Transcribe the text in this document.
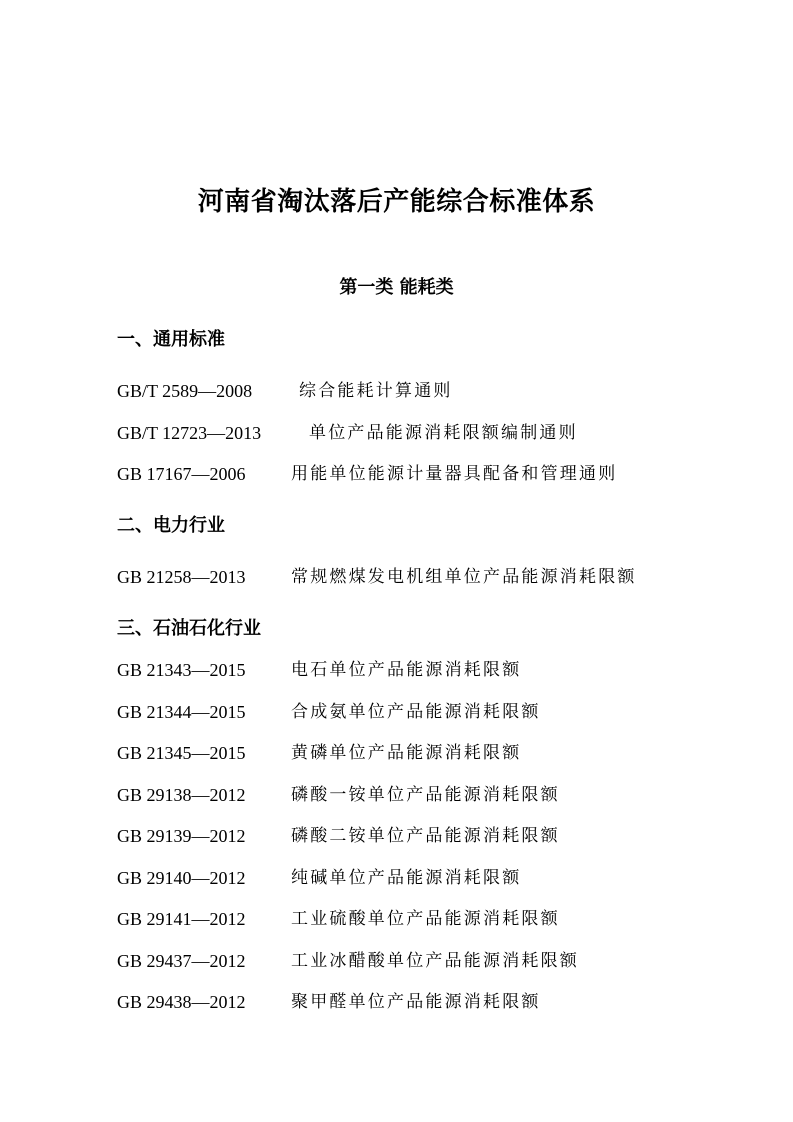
河南省淘汰落后产能综合标准体系
第一类 能耗类
一、通用标准
GB/T 2589—2008	综合能耗计算通则
GB/T 12723—2013	单位产品能源消耗限额编制通则
GB 17167—2006	用能单位能源计量器具配备和管理通则
二、电力行业
GB 21258—2013	常规燃煤发电机组单位产品能源消耗限额
三、石油石化行业
GB 21343—2015	电石单位产品能源消耗限额
GB 21344—2015	合成氨单位产品能源消耗限额
GB 21345—2015	黄磷单位产品能源消耗限额
GB 29138—2012	磷酸一铵单位产品能源消耗限额
GB 29139—2012	磷酸二铵单位产品能源消耗限额
GB 29140—2012	纯碱单位产品能源消耗限额
GB 29141—2012	工业硫酸单位产品能源消耗限额
GB 29437—2012	工业冰醋酸单位产品能源消耗限额
GB 29438—2012	聚甲醛单位产品能源消耗限额
